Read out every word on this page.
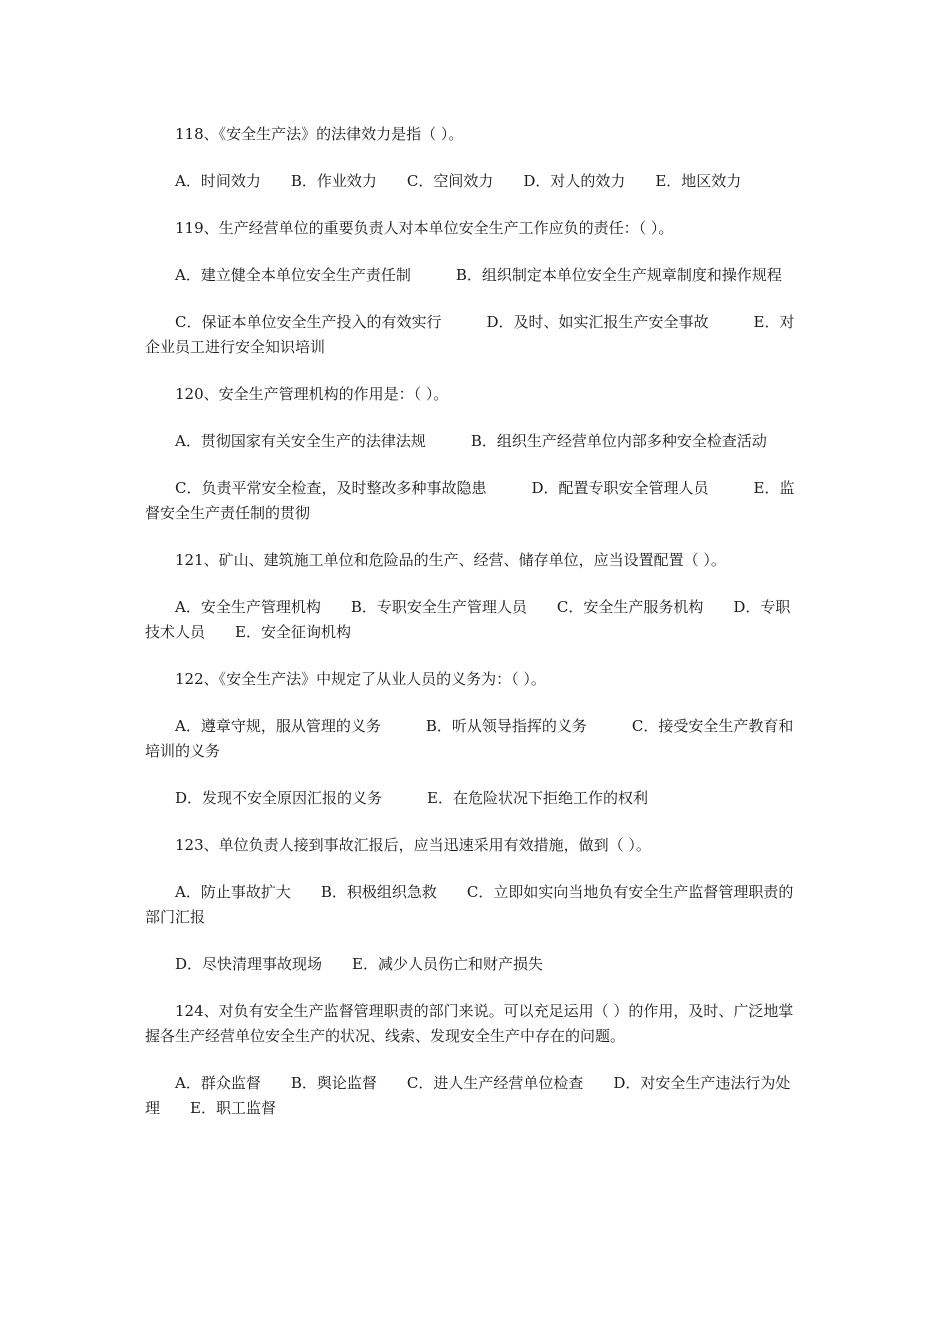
118、《安全生产法》的法律效力是指（ ）。

A．时间效力　　B．作业效力　　C．空间效力　　D．对人的效力　　E．地区效力

119、生产经营单位的重要负责人对本单位安全生产工作应负的责任：（ ）。

A．建立健全本单位安全生产责任制　　　B．组织制定本单位安全生产规章制度和操作规程

C．保证本单位安全生产投入的有效实行　　　D．及时、如实汇报生产安全事故　　　E．对企业员工进行安全知识培训

120、安全生产管理机构的作用是：（ ）。

A．贯彻国家有关安全生产的法律法规　　　B．组织生产经营单位内部多种安全检查活动

C．负责平常安全检查，及时整改多种事故隐患　　　D．配置专职安全管理人员　　　E．监督安全生产责任制的贯彻

121、矿山、建筑施工单位和危险品的生产、经营、储存单位，应当设置配置（ ）。

A．安全生产管理机构　　B．专职安全生产管理人员　　C．安全生产服务机构　　D．专职技术人员　　E．安全征询机构

122、《安全生产法》中规定了从业人员的义务为：（ ）。

A．遵章守规，服从管理的义务　　　B．听从领导指挥的义务　　　C．接受安全生产教育和培训的义务

D．发现不安全原因汇报的义务　　　E．在危险状况下拒绝工作的权利

123、单位负责人接到事故汇报后，应当迅速采用有效措施，做到（ ）。

A．防止事故扩大　　B．积极组织急救　　C．立即如实向当地负有安全生产监督管理职责的部门汇报

D．尽快清理事故现场　　E．减少人员伤亡和财产损失

124、对负有安全生产监督管理职责的部门来说。可以充足运用（ ）的作用，及时、广泛地掌握各生产经营单位安全生产的状况、线索、发现安全生产中存在的问题。

A．群众监督　　B．舆论监督　　C．进人生产经营单位检查　　D．对安全生产违法行为处理　　E．职工监督
